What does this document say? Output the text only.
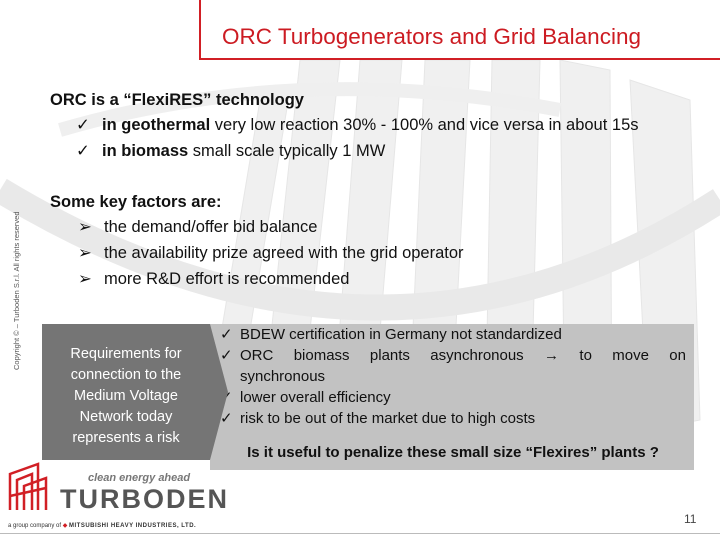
ORC Turbogenerators and Grid Balancing
Copyright © – Turboden S.r.l. All rights reserved
ORC is a “FlexiRES” technology
✓ in geothermal very low reaction 30% - 100% and vice versa in about 15s
✓ in biomass small scale typically 1 MW
Some key factors are:
➢ the demand/offer bid balance
➢ the availability prize agreed with the grid operator
➢ more R&D effort is recommended
✓ BDEW certification in Germany not standardized
✓ ORC biomass plants asynchronous → to move on
synchronous
✓ lower overall efficiency
✓ risk to be out of the market due to high costs
Is it useful to penalize these small size “Flexires” plants ?
Requirements for connection to the Medium Voltage Network today represents a risk
clean energy ahead
TURBODEN
a group company of ◆ MITSUBISHI HEAVY INDUSTRIES, LTD.	11
